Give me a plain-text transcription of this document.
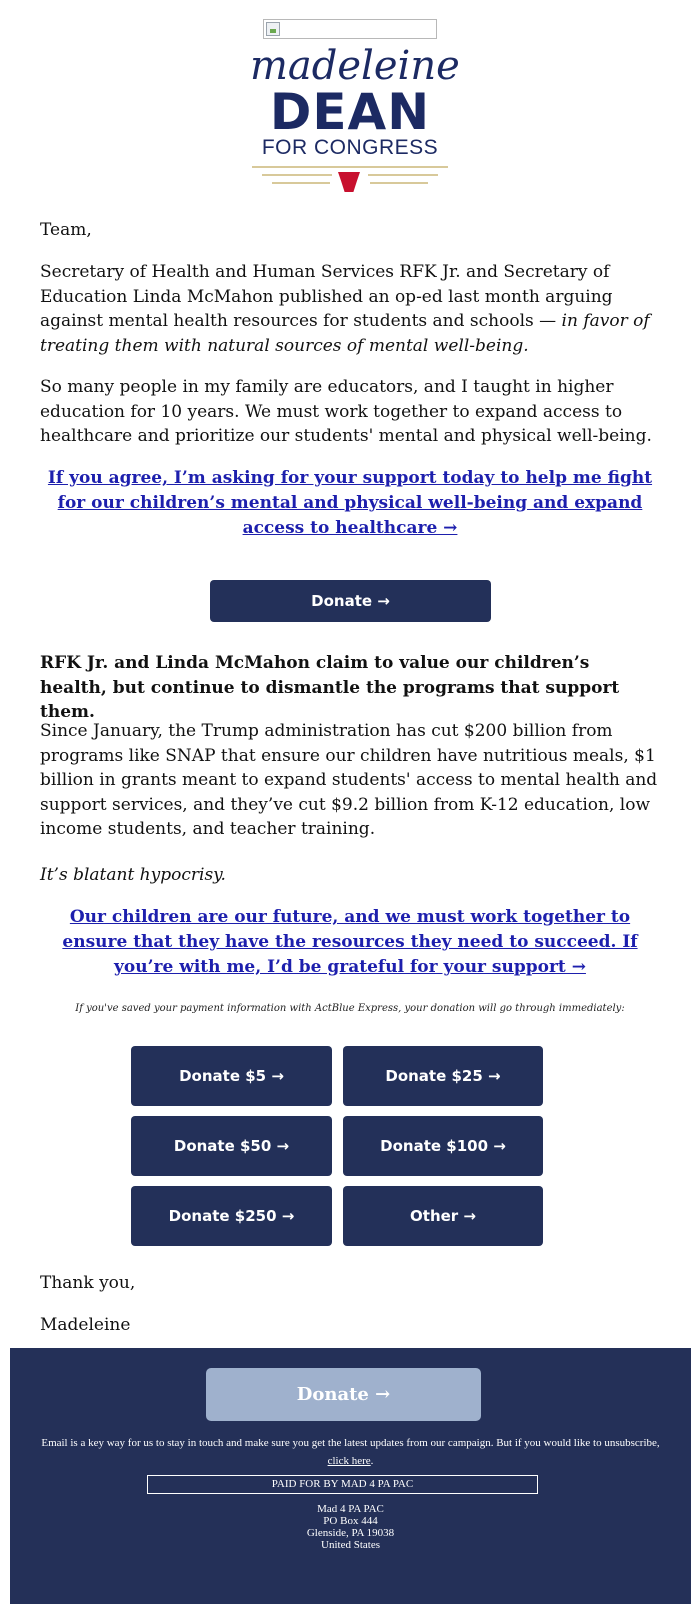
madeleine
DEAN
FOR CONGRESS
Team,

Secretary of Health and Human Services RFK Jr. and Secretary of Education Linda McMahon published an op-ed last month arguing against mental health resources for students and schools — in favor of treating them with natural sources of mental well-being.

So many people in my family are educators, and I taught in higher education for 10 years. We must work together to expand access to healthcare and prioritize our students' mental and physical well-being.
If you agree, I’m asking for your support today to help me fight for our children’s mental and physical well-being and expand access to healthcare →
Donate →
RFK Jr. and Linda McMahon claim to value our children’s health, but continue to dismantle the programs that support them.
Since January, the Trump administration has cut $200 billion from programs like SNAP that ensure our children have nutritious meals, $1 billion in grants meant to expand students' access to mental health and support services, and they’ve cut $9.2 billion from K-12 education, low income students, and teacher training.
It’s blatant hypocrisy.
Our children are our future, and we must work together to ensure that they have the resources they need to succeed. If you’re with me, I’d be grateful for your support →
If you've saved your payment information with ActBlue Express, your donation will go through immediately:
Donate $5 →	Donate $25 →
Donate $50 →	Donate $100 →
Donate $250 →	Other →
Thank you,
Madeleine
Donate →
Email is a key way for us to stay in touch and make sure you get the latest updates from our campaign. But if you would like to unsubscribe, click here.
PAID FOR BY MAD 4 PA PAC
Mad 4 PA PAC
PO Box 444
Glenside, PA 19038
United States
